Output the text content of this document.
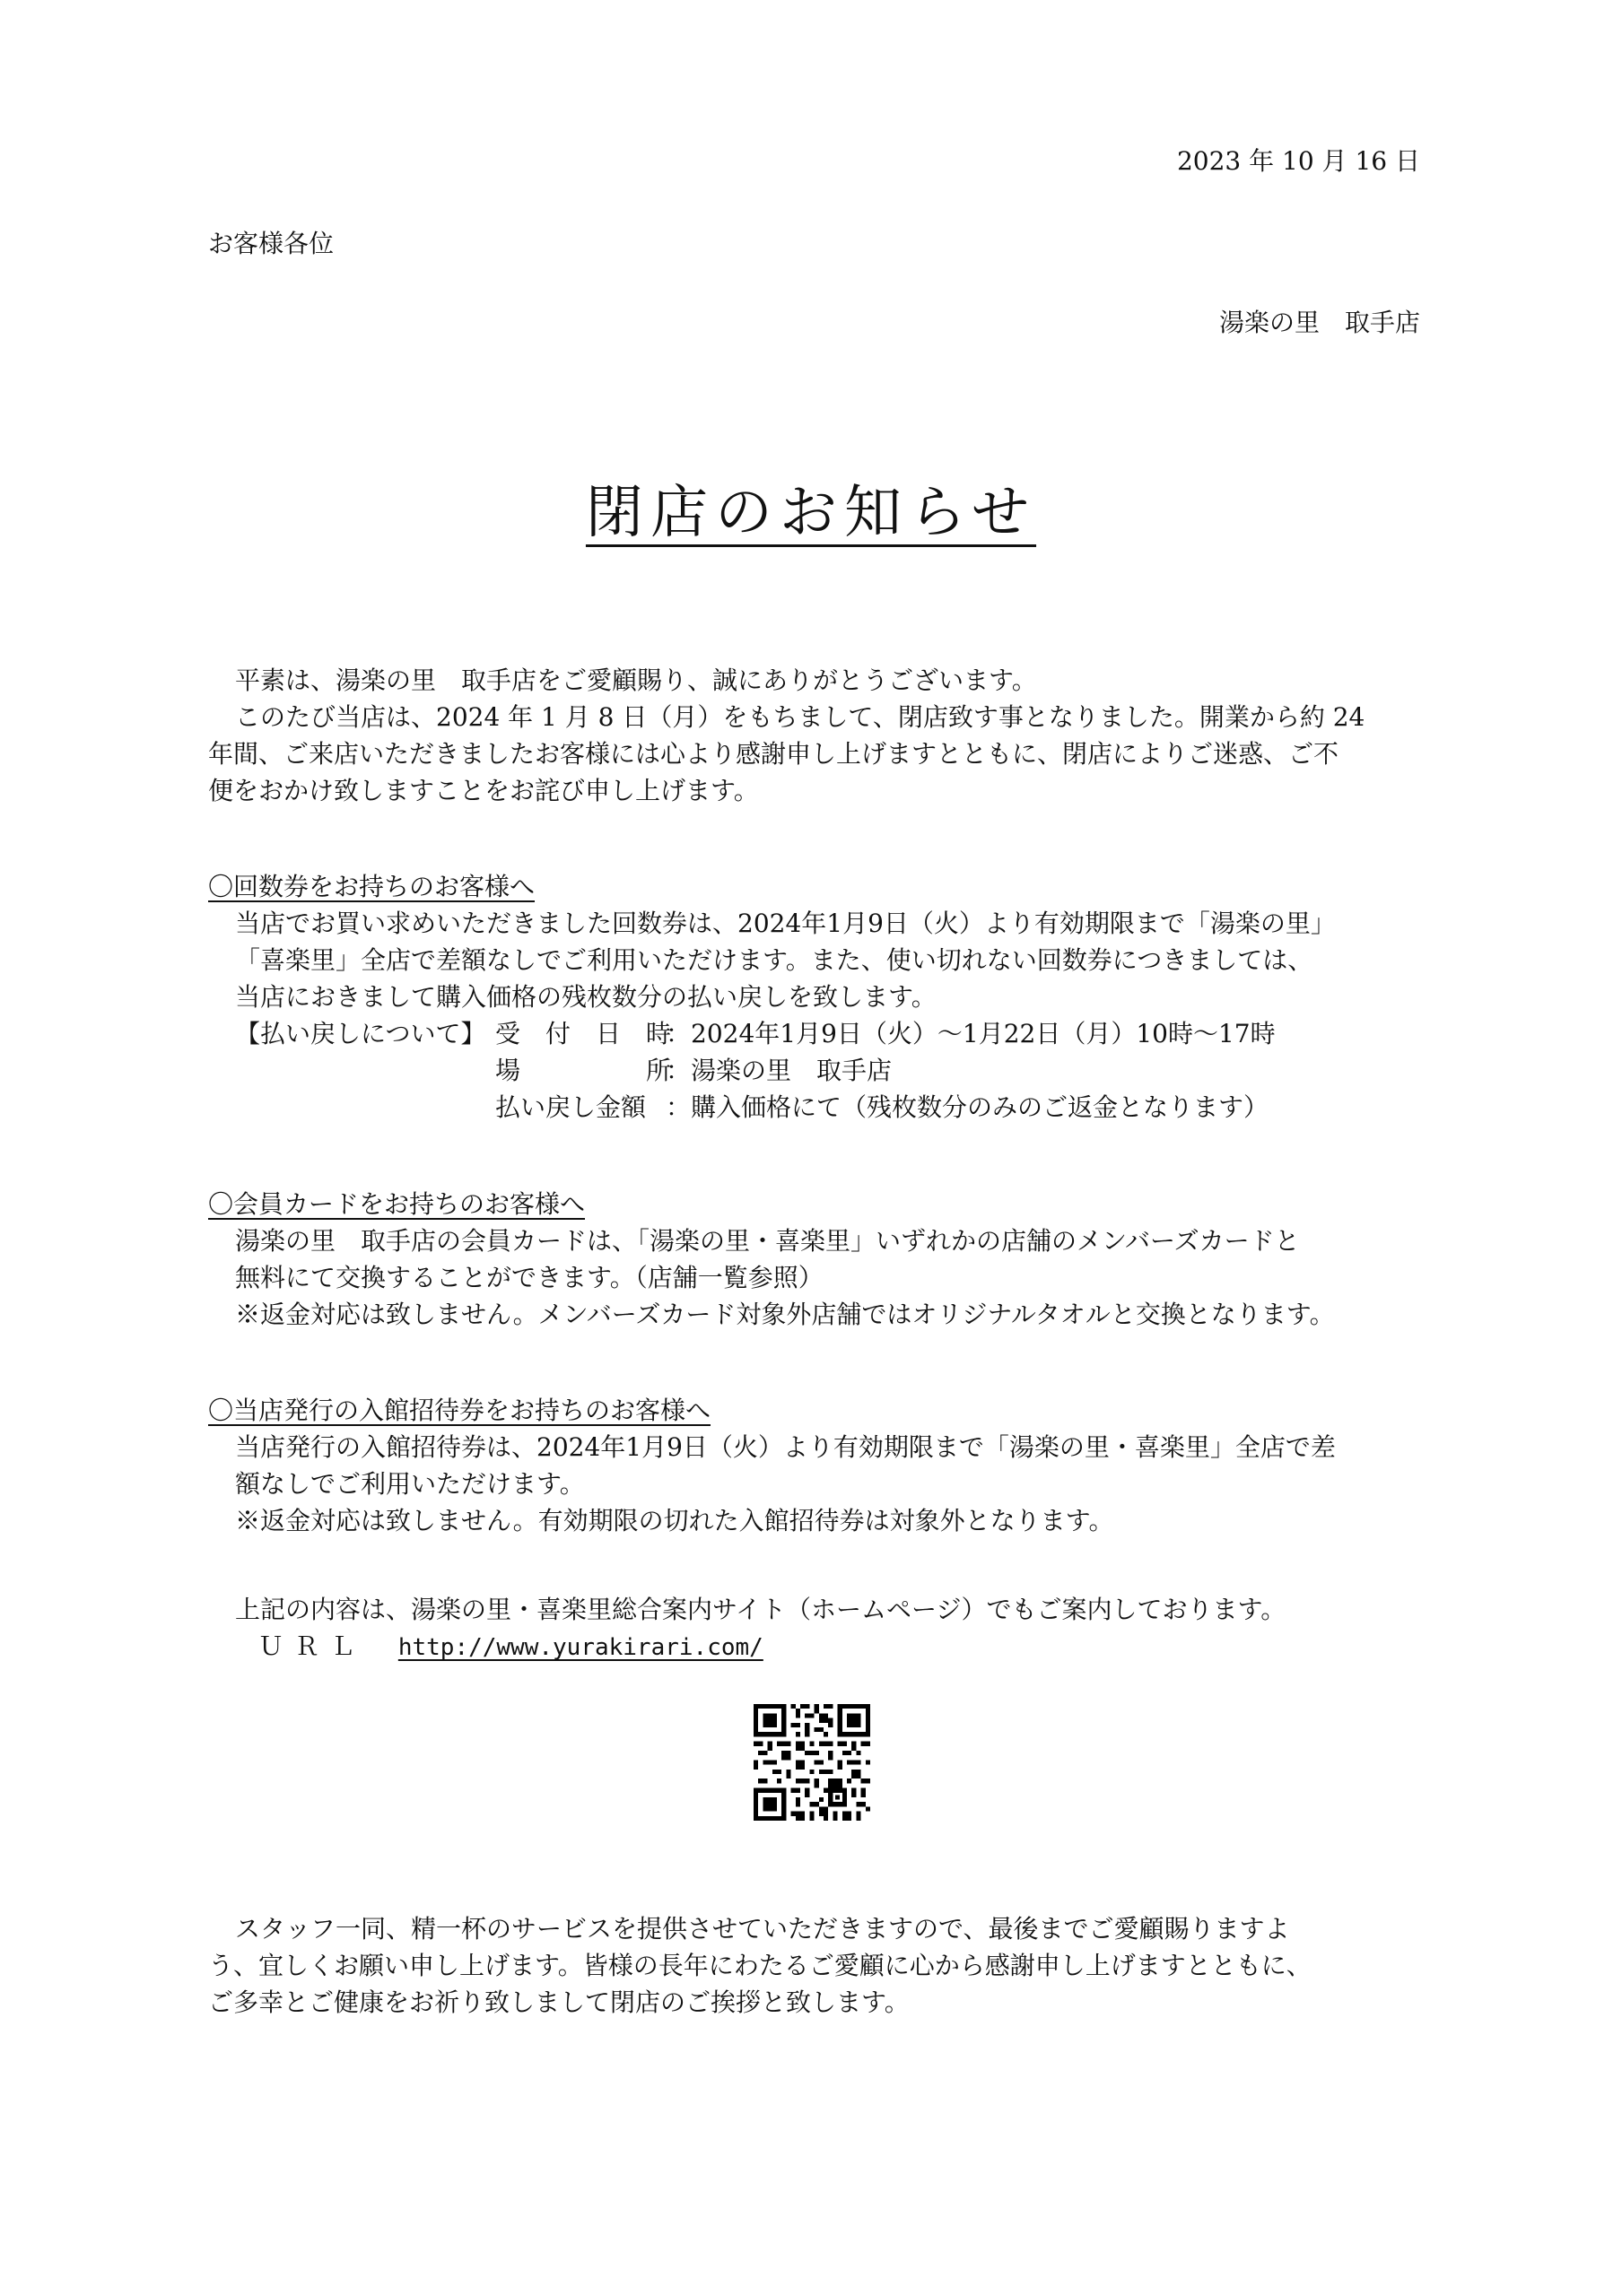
2023 年 10 月 16 日
お客様各位
湯楽の里　取手店
閉店のお知らせ
平素は、湯楽の里　取手店をご愛顧賜り、誠にありがとうございます。
このたび当店は、2024 年 1 月 8 日（月）をもちまして、閉店致す事となりました。開業から約 24
年間、ご来店いただきましたお客様には心より感謝申し上げますとともに、閉店によりご迷惑、ご不
便をおかけ致しますことをお詫び申し上げます。
〇回数券をお持ちのお客様へ
当店でお買い求めいただきました回数券は、2024年1月9日（火）より有効期限まで「湯楽の里」
「喜楽里」全店で差額なしでご利用いただけます。また、使い切れない回数券につきましては、
当店におきまして購入価格の残枚数分の払い戻しを致します。
【払い戻しについて】 受　付　日　時
： 2024年1月9日（火）～1月22日（月）10時～17時
場　　　　　所
： 湯楽の里　取手店
払い戻し金額 ： 購入価格にて（残枚数分のみのご返金となります）
〇会員カードをお持ちのお客様へ
湯楽の里　取手店の会員カードは、「湯楽の里・喜楽里」いずれかの店舗のメンバーズカードと
無料にて交換することができます。（店舗一覧参照）
※返金対応は致しません。メンバーズカード対象外店舗ではオリジナルタオルと交換となります。
〇当店発行の入館招待券をお持ちのお客様へ
当店発行の入館招待券は、2024年1月9日（火）より有効期限まで「湯楽の里・喜楽里」全店で差
額なしでご利用いただけます。
※返金対応は致しません。有効期限の切れた入館招待券は対象外となります。
上記の内容は、湯楽の里・喜楽里総合案内サイト（ホームページ）でもご案内しております。
ＵＲＬ http://www.yurakirari.com/
スタッフ一同、精一杯のサービスを提供させていただきますので、最後までご愛顧賜りますよ
う、宜しくお願い申し上げます。皆様の長年にわたるご愛顧に心から感謝申し上げますとともに、
ご多幸とご健康をお祈り致しまして閉店のご挨拶と致します。
